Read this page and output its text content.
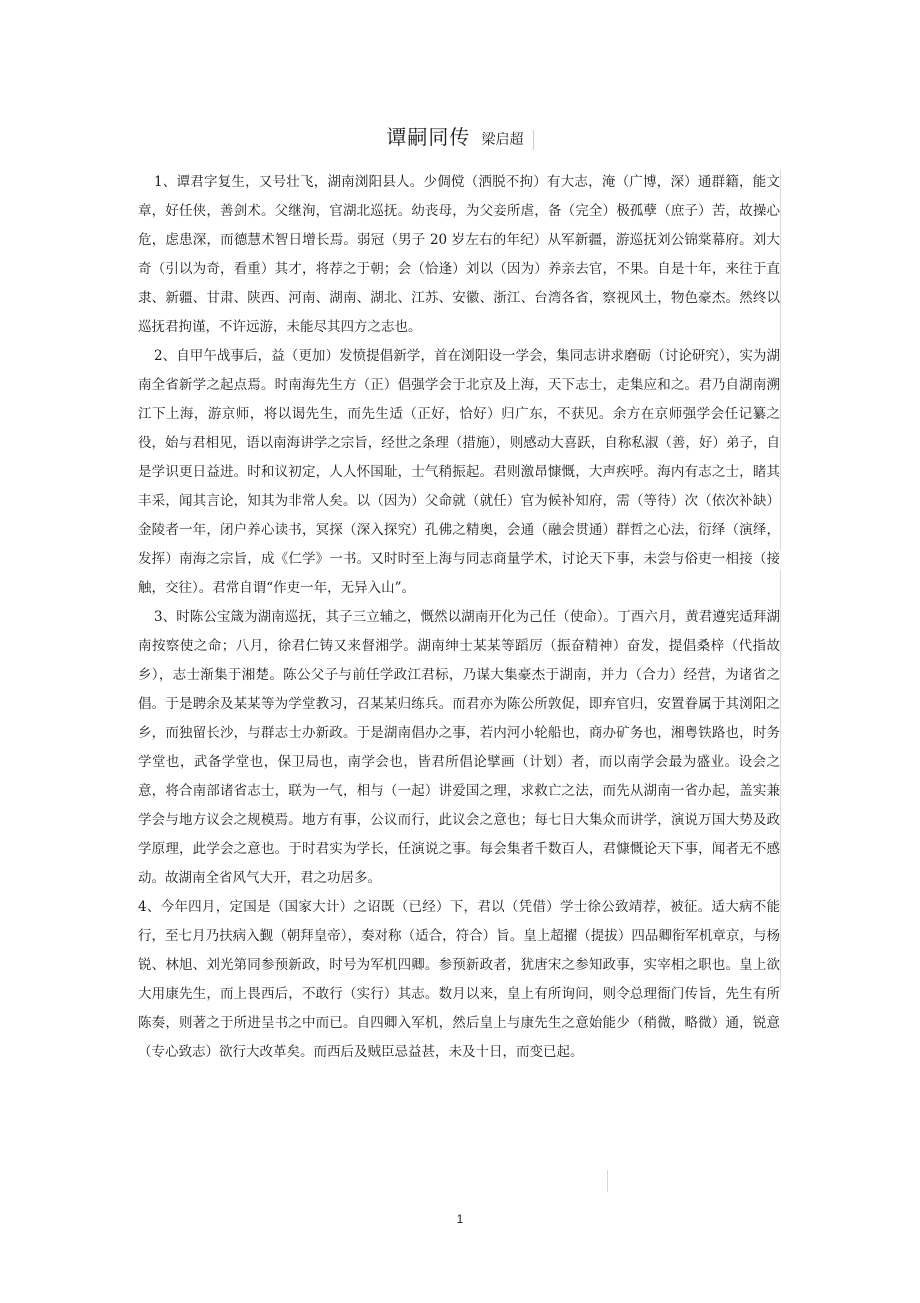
谭嗣同传 梁启超

1、谭君字复生，又号壮飞，湖南浏阳县人。少倜傥（洒脱不拘）有大志，淹（广博，深）通群籍，能文章，好任侠，善剑术。父继洵，官湖北巡抚。幼丧母，为父妾所虐，备（完全）极孤孽（庶子）苦，故操心危，虑患深，而德慧术智日增长焉。弱冠（男子 20 岁左右的年纪）从军新疆，游巡抚刘公锦棠幕府。刘大奇（引以为奇，看重）其才，将荐之于朝；会（恰逢）刘以（因为）养亲去官，不果。自是十年，来往于直隶、新疆、甘肃、陕西、河南、湖南、湖北、江苏、安徽、浙江、台湾各省，察视风土，物色豪杰。然终以巡抚君拘谨，不许远游，未能尽其四方之志也。

2、自甲午战事后，益（更加）发愤提倡新学，首在浏阳设一学会，集同志讲求磨砺（讨论研究），实为湖南全省新学之起点焉。时南海先生方（正）倡强学会于北京及上海，天下志士，走集应和之。君乃自湖南溯江下上海，游京师，将以谒先生，而先生适（正好，恰好）归广东，不获见。余方在京师强学会任记纂之役，始与君相见，语以南海讲学之宗旨，经世之条理（措施），则感动大喜跃，自称私淑（善，好）弟子，自是学识更日益进。时和议初定，人人怀国耻，士气稍振起。君则激昂慷慨，大声疾呼。海内有志之士，睹其丰采，闻其言论，知其为非常人矣。以（因为）父命就（就任）官为候补知府，需（等待）次（依次补缺）金陵者一年，闭户养心读书，冥探（深入探究）孔佛之精奥，会通（融会贯通）群哲之心法，衍绎（演绎，发挥）南海之宗旨，成《仁学》一书。又时时至上海与同志商量学术，讨论天下事，未尝与俗吏一相接（接触，交往）。君常自谓“作吏一年，无异入山”。

3、时陈公宝箴为湖南巡抚，其子三立辅之，慨然以湖南开化为己任（使命）。丁酉六月，黄君遵宪适拜湖南按察使之命；八月，徐君仁铸又来督湘学。湖南绅士某某等蹈厉（振奋精神）奋发，提倡桑梓（代指故乡），志士渐集于湘楚。陈公父子与前任学政江君标，乃谋大集豪杰于湖南，并力（合力）经营，为诸省之倡。于是聘余及某某等为学堂教习，召某某归练兵。而君亦为陈公所敦促，即弃官归，安置眷属于其浏阳之乡，而独留长沙，与群志士办新政。于是湖南倡办之事，若内河小轮船也，商办矿务也，湘粤铁路也，时务学堂也，武备学堂也，保卫局也，南学会也，皆君所倡论擘画（计划）者，而以南学会最为盛业。设会之意，将合南部诸省志士，联为一气，相与（一起）讲爱国之理，求救亡之法，而先从湖南一省办起，盖实兼学会与地方议会之规模焉。地方有事，公议而行，此议会之意也；每七日大集众而讲学，演说万国大势及政学原理，此学会之意也。于时君实为学长，任演说之事。每会集者千数百人，君慷慨论天下事，闻者无不感动。故湖南全省风气大开，君之功居多。

4、今年四月，定国是（国家大计）之诏既（已经）下，君以（凭借）学士徐公致靖荐，被征。适大病不能行，至七月乃扶病入觐（朝拜皇帝），奏对称（适合，符合）旨。皇上超擢（提拔）四品卿衔军机章京，与杨锐、林旭、刘光第同参预新政，时号为军机四卿。参预新政者，犹唐宋之参知政事，实宰相之职也。皇上欲大用康先生，而上畏西后，不敢行（实行）其志。数月以来，皇上有所询问，则令总理衙门传旨，先生有所陈奏，则著之于所进呈书之中而已。自四卿入军机，然后皇上与康先生之意始能少（稍微，略微）通，锐意（专心致志）欲行大改革矣。而西后及贼臣忌益甚，未及十日，而变已起。

1
